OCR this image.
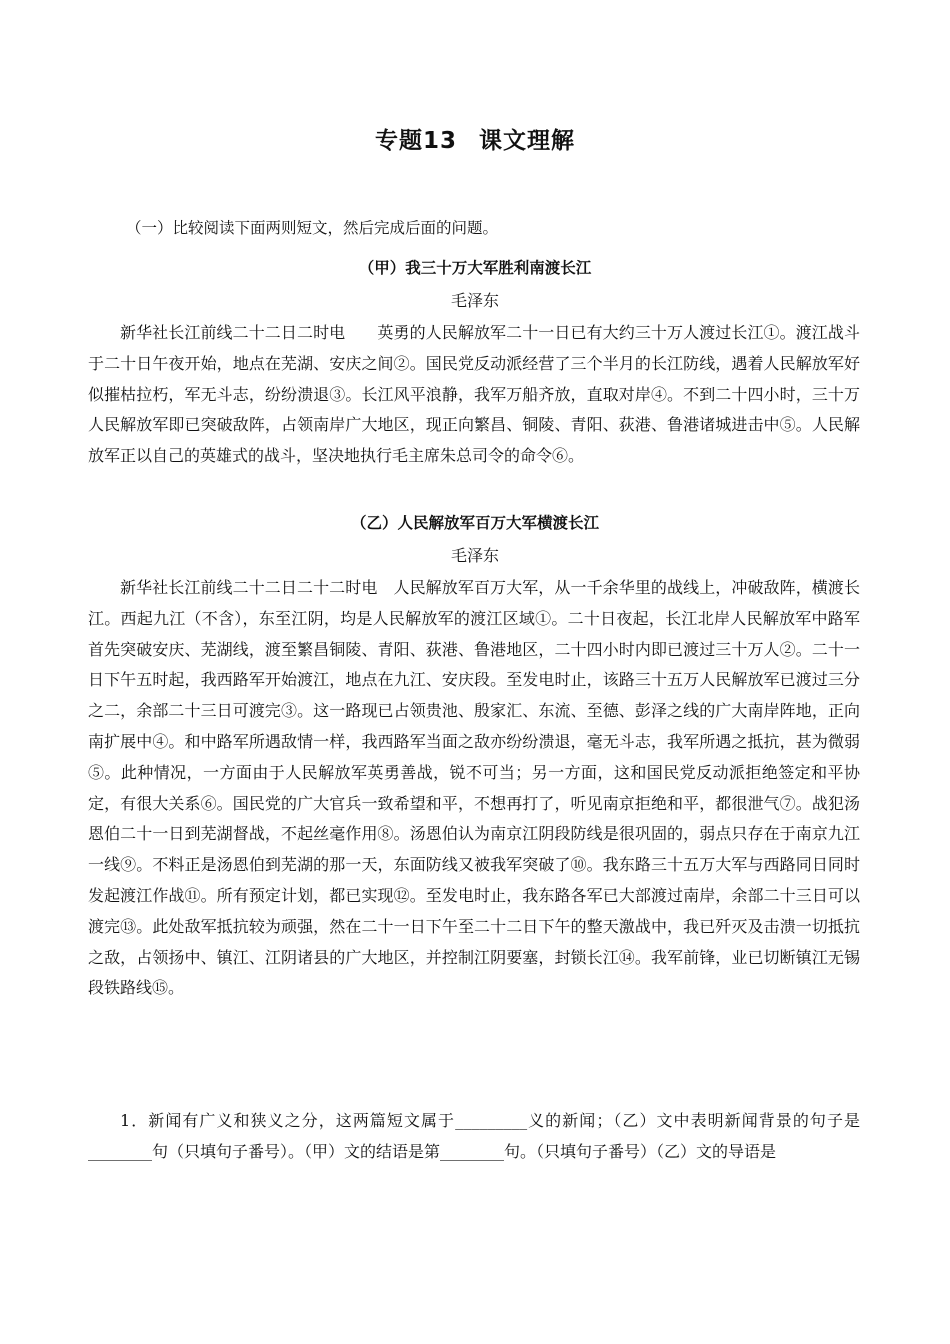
专题13 课文理解
（一）比较阅读下面两则短文，然后完成后面的问题。
（甲）我三十万大军胜利南渡长江
毛泽东

新华社长江前线二十二日二时电　　英勇的人民解放军二十一日已有大约三十万人渡过长江①。渡江战斗于二十日午夜开始，地点在芜湖、安庆之间②。国民党反动派经营了三个半月的长江防线，遇着人民解放军好似摧枯拉朽，军无斗志，纷纷溃退③。长江风平浪静，我军万船齐放，直取对岸④。不到二十四小时，三十万人民解放军即已突破敌阵，占领南岸广大地区，现正向繁昌、铜陵、青阳、荻港、鲁港诸城进击中⑤。人民解放军正以自己的英雄式的战斗，坚决地执行毛主席朱总司令的命令⑥。

（乙）人民解放军百万大军横渡长江
毛泽东

新华社长江前线二十二日二十二时电　人民解放军百万大军，从一千余华里的战线上，冲破敌阵，横渡长江。西起九江（不含），东至江阴，均是人民解放军的渡江区域①。二十日夜起，长江北岸人民解放军中路军首先突破安庆、芜湖线，渡至繁昌铜陵、青阳、荻港、鲁港地区，二十四小时内即已渡过三十万人②。二十一日下午五时起，我西路军开始渡江，地点在九江、安庆段。至发电时止，该路三十五万人民解放军已渡过三分之二，余部二十三日可渡完③。这一路现已占领贵池、殷家汇、东流、至德、彭泽之线的广大南岸阵地，正向南扩展中④。和中路军所遇敌情一样，我西路军当面之敌亦纷纷溃退，毫无斗志，我军所遇之抵抗，甚为微弱⑤。此种情况，一方面由于人民解放军英勇善战，锐不可当；另一方面，这和国民党反动派拒绝签定和平协定，有很大关系⑥。国民党的广大官兵一致希望和平，不想再打了，听见南京拒绝和平，都很泄气⑦。战犯汤恩伯二十一日到芜湖督战，不起丝毫作用⑧。汤恩伯认为南京江阴段防线是很巩固的，弱点只存在于南京九江一线⑨。不料正是汤恩伯到芜湖的那一天，东面防线又被我军突破了⑩。我东路三十五万大军与西路同日同时发起渡江作战⑪。所有预定计划，都已实现⑫。至发电时止，我东路各军已大部渡过南岸，余部二十三日可以渡完⑬。此处敌军抵抗较为顽强，然在二十一日下午至二十二日下午的整天激战中，我已歼灭及击溃一切抵抗之敌，占领扬中、镇江、江阴诸县的广大地区，并控制江阴要塞，封锁长江⑭。我军前锋，业已切断镇江无锡段铁路线⑮。

1．新闻有广义和狭义之分，这两篇短文属于_________义的新闻；（乙）文中表明新闻背景的句子是________句（只填句子番号）。（甲）文的结语是第________句。（只填句子番号）（乙）文的导语是
